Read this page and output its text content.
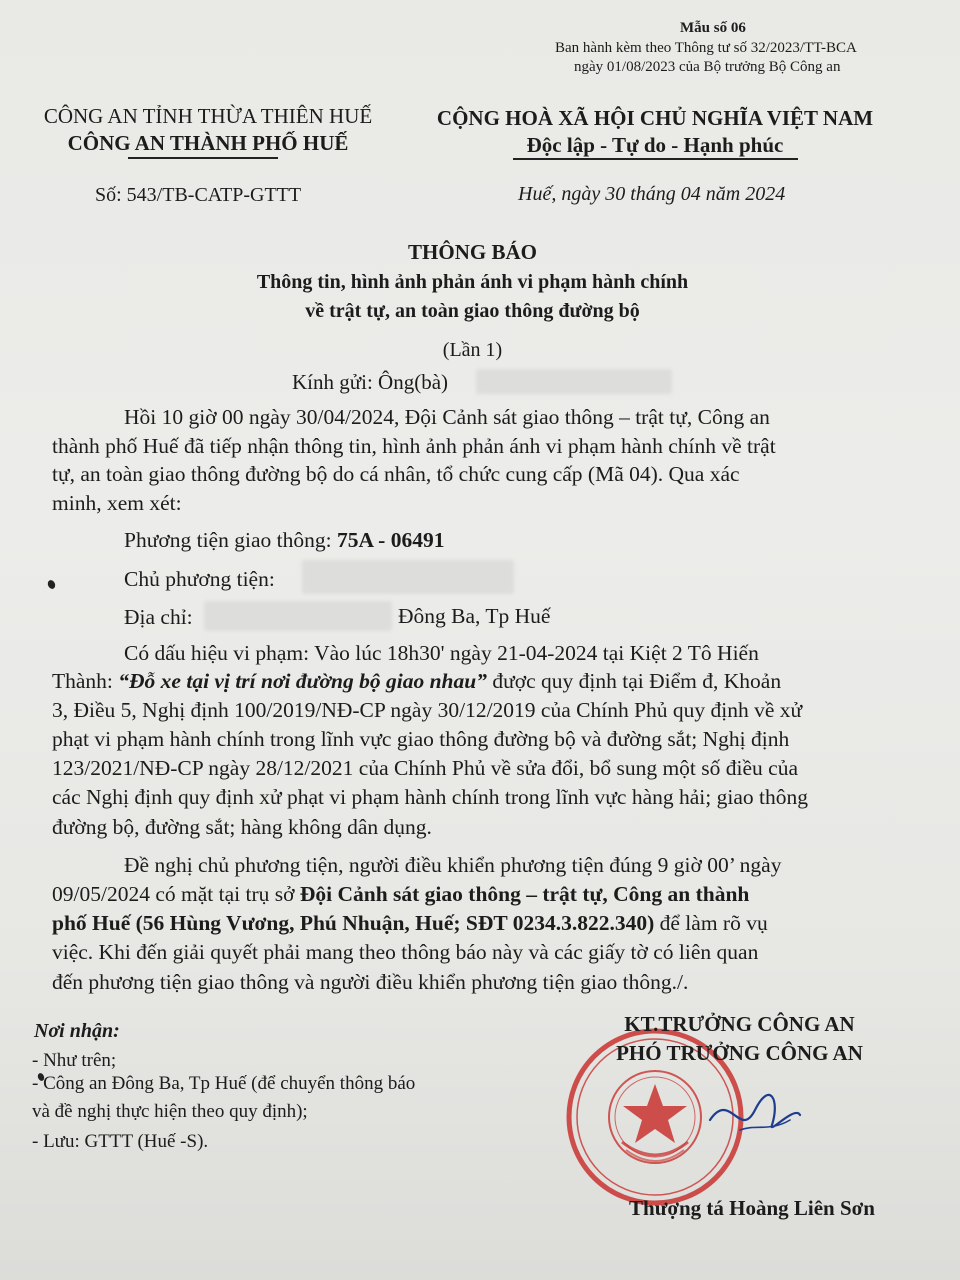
Mẫu số 06
Ban hành kèm theo Thông tư số 32/2023/TT-BCA
ngày 01/08/2023 của Bộ trưởng Bộ Công an
CÔNG AN TỈNH THỪA THIÊN HUẾ
CÔNG AN THÀNH PHỐ HUẾ
CỘNG HOÀ XÃ HỘI CHỦ NGHĨA VIỆT NAM
Độc lập - Tự do - Hạnh phúc
Số: 543/TB-CATP-GTTT	Huế, ngày 30 tháng 04 năm 2024
THÔNG BÁO
Thông tin, hình ảnh phản ánh vi phạm hành chính
về trật tự, an toàn giao thông đường bộ
(Lần 1)
Kính gửi: Ông(bà)
Hồi 10 giờ 00 ngày 30/04/2024, Đội Cảnh sát giao thông – trật tự, Công an
thành phố Huế đã tiếp nhận thông tin, hình ảnh phản ánh vi phạm hành chính về trật
tự, an toàn giao thông đường bộ do cá nhân, tổ chức cung cấp (Mã 04). Qua xác
minh, xem xét:
Phương tiện giao thông: 75A - 06491
Chủ phương tiện:
Địa chỉ:	Đông Ba, Tp Huế
Có dấu hiệu vi phạm: Vào lúc 18h30' ngày 21-04-2024 tại Kiệt 2 Tô Hiến
Thành: “Đỗ xe tại vị trí nơi đường bộ giao nhau” được quy định tại Điểm đ, Khoản
3, Điều 5, Nghị định 100/2019/NĐ-CP ngày 30/12/2019 của Chính Phủ quy định về xử
phạt vi phạm hành chính trong lĩnh vực giao thông đường bộ và đường sắt; Nghị định
123/2021/NĐ-CP ngày 28/12/2021 của Chính Phủ về sửa đổi, bổ sung một số điều của
các Nghị định quy định xử phạt vi phạm hành chính trong lĩnh vực hàng hải; giao thông
đường bộ, đường sắt; hàng không dân dụng.
Đề nghị chủ phương tiện, người điều khiển phương tiện đúng 9 giờ 00’ ngày
09/05/2024 có mặt tại trụ sở Đội Cảnh sát giao thông – trật tự, Công an thành
phố Huế (56 Hùng Vương, Phú Nhuận, Huế; SĐT 0234.3.822.340) để làm rõ vụ
việc. Khi đến giải quyết phải mang theo thông báo này và các giấy tờ có liên quan
đến phương tiện giao thông và người điều khiển phương tiện giao thông./.
Nơi nhận:
- Như trên;
- Công an Đông Ba, Tp Huế (để chuyển thông báo
và đề nghị thực hiện theo quy định);
- Lưu: GTTT (Huế -S).
KT.TRƯỞNG CÔNG AN
PHÓ TRƯỞNG CÔNG AN
Thượng tá Hoàng Liên Sơn
